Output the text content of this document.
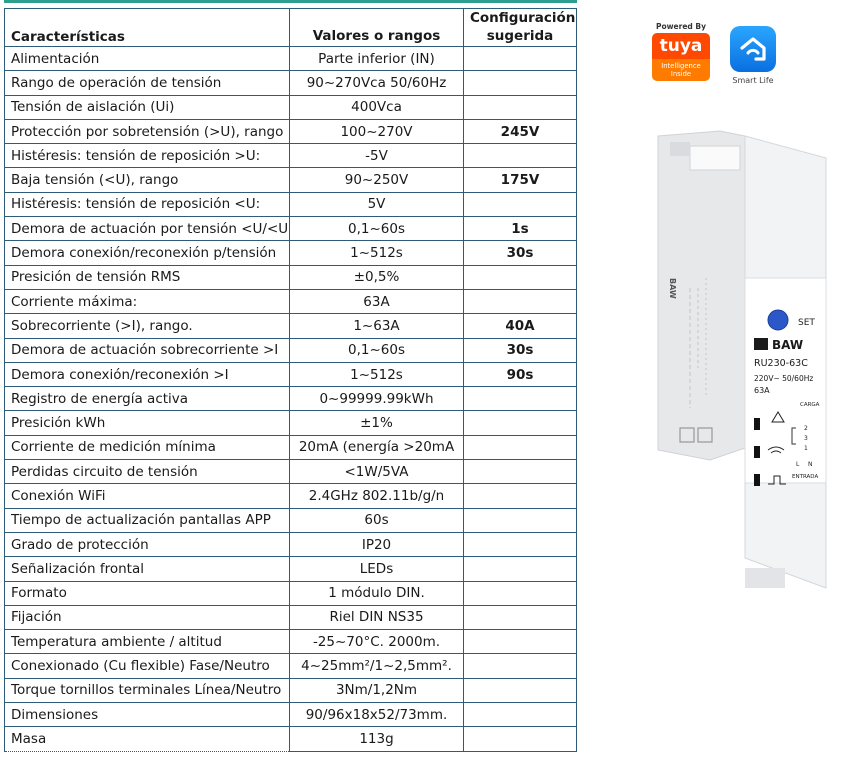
Características	Valores o rangos	Configuración
sugerida
Alimentación	Parte inferior (IN)	
Rango de operación de tensión	90~270Vca 50/60Hz	
Tensión de aislación (Ui)	400Vca	
Protección por sobretensión (>U), rango	100~270V	245V
Histéresis: tensión de reposición >U:	-5V	
Baja tensión (<U), rango	90~250V	175V
Histéresis: tensión de reposición <U:	5V	
Demora de actuación por tensión <U/<U	0,1~60s	1s
Demora conexión/reconexión p/tensión	1~512s	30s
Presición de tensión RMS	±0,5%	
Corriente máxima:	63A	
Sobrecorriente (>I), rango.	1~63A	40A
Demora de actuación sobrecorriente >I	0,1~60s	30s
Demora conexión/reconexión >I	1~512s	90s
Registro de energía activa	0~99999.99kWh	
Presición kWh	±1%	
Corriente de medición mínima	20mA (energía >20mA	
Perdidas circuito de tensión	<1W/5VA	
Conexión WiFi	2.4GHz 802.11b/g/n	
Tiempo de actualización pantallas APP	60s	
Grado de protección	IP20	
Señalización frontal	LEDs	
Formato	1 módulo DIN.	
Fijación	Riel DIN NS35	
Temperatura ambiente / altitud	-25~70°C. 2000m.	
Conexionado (Cu flexible) Fase/Neutro	4~25mm²/1~2,5mm².	
Torque tornillos terminales Línea/Neutro	3Nm/1,2Nm	
Dimensiones	90/96x18x52/73mm.	
Masa	113g	
Powered By
tuya
Intelligence
Inside
Smart Life
BAW
SET
BAW
RU230-63C
220V~ 50/60Hz
63A
CARGA
2
3
1
L N
ENTRADA
